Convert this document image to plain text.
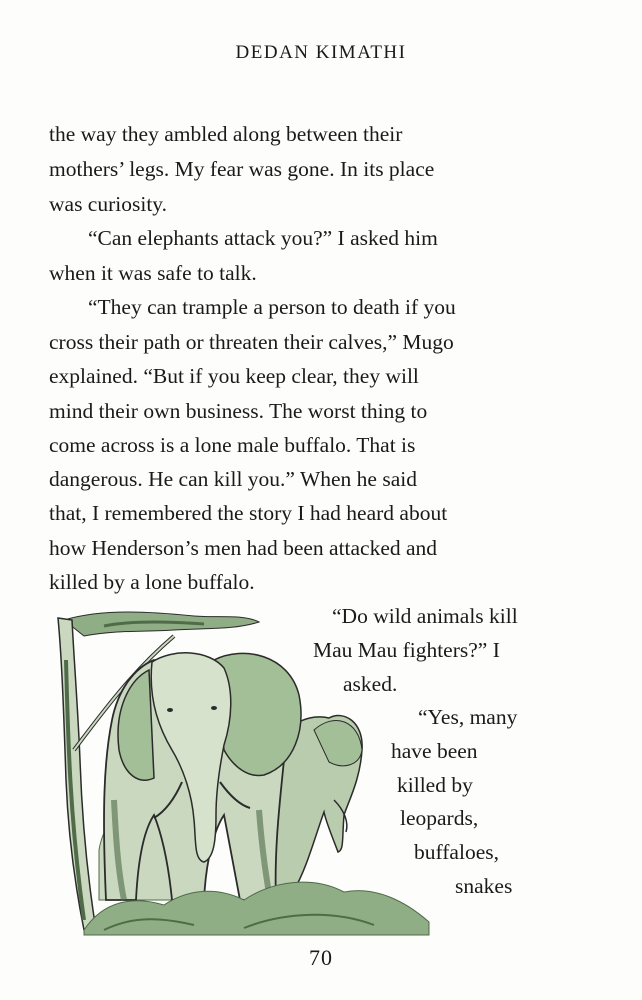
DEDAN KIMATHI
the way they ambled along between their
mothers’ legs. My fear was gone. In its place
was curiosity.
“Can elephants attack you?” I asked him
when it was safe to talk.
“They can trample a person to death if you
cross their path or threaten their calves,” Mugo
explained. “But if you keep clear, they will
mind their own business. The worst thing to
come across is a lone male buffalo. That is
dangerous. He can kill you.” When he said
that, I remembered the story I had heard about
how Henderson’s men had been attacked and
killed by a lone buffalo.
“Do wild animals kill
Mau Mau fighters?” I
asked.
“Yes, many
have been
killed by
leopards,
buffaloes,
snakes
70
